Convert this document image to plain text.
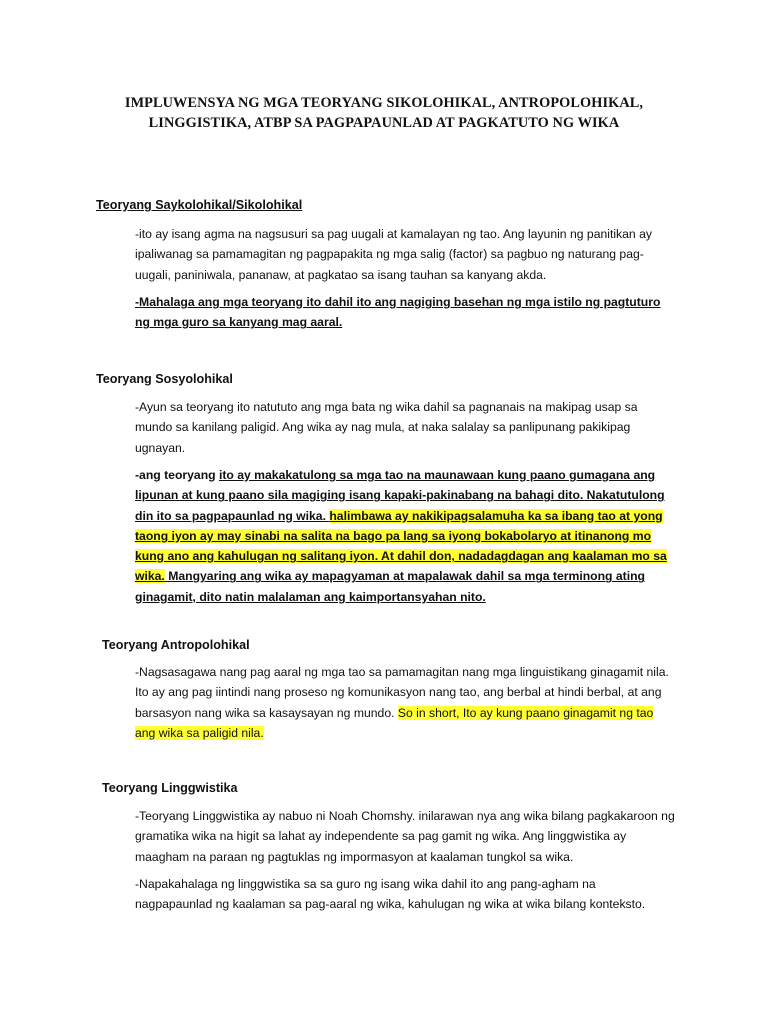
IMPLUWENSYA NG MGA TEORYANG SIKOLOHIKAL, ANTROPOLOHIKAL,
LINGGISTIKA, ATBP SA PAGPAPAUNLAD AT PAGKATUTO NG WIKA
Teoryang Saykolohikal/Sikolohikal
-ito ay isang agma na nagsusuri sa pag uugali at kamalayan ng tao. Ang layunin ng panitikan ay ipaliwanag sa pamamagitan ng pagpapakita ng mga salig (factor) sa pagbuo ng naturang pag-uugali, paniniwala, pananaw, at pagkatao sa isang tauhan sa kanyang akda.
-Mahalaga ang mga teoryang ito dahil ito ang nagiging basehan ng mga istilo ng pagtuturo ng mga guro sa kanyang mag aaral.
Teoryang Sosyolohikal
-Ayun sa teoryang ito natututo ang mga bata ng wika dahil sa pagnanais na makipag usap sa mundo sa kanilang paligid. Ang wika ay nag mula, at naka salalay sa panlipunang pakikipag ugnayan.
-ang teoryang ito ay makakatulong sa mga tao na maunawaan kung paano gumagana ang lipunan at kung paano sila magiging isang kapaki-pakinabang na bahagi dito. Nakatutulong din ito sa pagpapaunlad ng wika. halimbawa ay nakikipagsalamuha ka sa ibang tao at yong taong iyon ay may sinabi na salita na bago pa lang sa iyong bokabolaryo at itinanong mo kung ano ang kahulugan ng salitang iyon. At dahil don, nadadagdagan ang kaalaman mo sa wika. Mangyaring ang wika ay mapagyaman at mapalawak dahil sa mga terminong ating ginagamit, dito natin malalaman ang kaimportansyahan nito.
Teoryang Antropolohikal
-Nagsasagawa nang pag aaral ng mga tao sa pamamagitan nang mga linguistikang ginagamit nila. Ito ay ang pag iintindi nang proseso ng komunikasyon nang tao, ang berbal at hindi berbal, at ang barsasyon nang wika sa kasaysayan ng mundo. So in short, Ito ay kung paano ginagamit ng tao ang wika sa paligid nila.
Teoryang Linggwistika
-Teoryang Linggwistika ay nabuo ni Noah Chomshy. inilarawan nya ang wika bilang pagkakaroon ng gramatika wika na higit sa lahat ay independente sa pag gamit ng wika. Ang linggwistika ay maagham na paraan ng pagtuklas ng impormasyon at kaalaman tungkol sa wika.
-Napakahalaga ng linggwistika sa sa guro ng isang wika dahil ito ang pang-agham na nagpapaunlad ng kaalaman sa pag-aaral ng wika, kahulugan ng wika at wika bilang konteksto.
